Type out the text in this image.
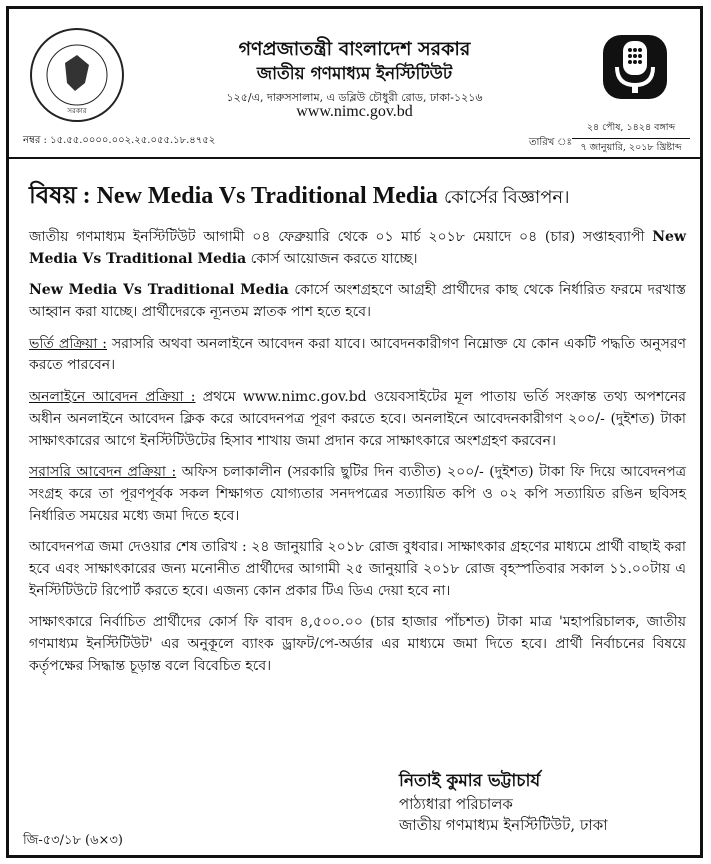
সরকার
গণপ্রজাতন্ত্রী বাংলাদেশ সরকার
জাতীয় গণমাধ্যম ইনস্টিটিউট
১২৫/এ, দারুসসালাম, এ ডব্লিউ চৌধুরী রোড, ঢাকা-১২১৬
www.nimc.gov.bd
নম্বর : ১৫.৫৫.০০০০.০০২.২৫.০৫৫.১৮.৪৭৫২	তারিখ ঃ
২৪ পৌষ, ১৪২৪ বঙ্গাব্দ
৭ জানুয়ারি, ২০১৮ খ্রিষ্টাব্দ
বিষয় : New Media Vs Traditional Media কোর্সের বিজ্ঞাপন।

জাতীয় গণমাধ্যম ইনস্টিটিউট আগামী ০৪ ফেব্রুয়ারি থেকে ০১ মার্চ ২০১৮ মেয়াদে ০৪ (চার) সপ্তাহব্যাপী New Media Vs Traditional Media কোর্স আয়োজন করতে যাচ্ছে।

New Media Vs Traditional Media কোর্সে অংশগ্রহণে আগ্রহী প্রার্থীদের কাছ থেকে নির্ধারিত ফরমে দরখাস্ত আহ্বান করা যাচ্ছে। প্রার্থীদেরকে ন্যূনতম স্নাতক পাশ হতে হবে।

ভর্তি প্রক্রিয়া : সরাসরি অথবা অনলাইনে আবেদন করা যাবে। আবেদনকারীগণ নিম্নোক্ত যে কোন একটি পদ্ধতি অনুসরণ করতে পারবেন।

অনলাইনে আবেদন প্রক্রিয়া : প্রথমে www.nimc.gov.bd ওয়েবসাইটের মূল পাতায় ভর্তি সংক্রান্ত তথ্য অপশনের অধীন অনলাইনে আবেদন ক্লিক করে আবেদনপত্র পূরণ করতে হবে। অনলাইনে আবেদনকারীগণ ২০০/- (দুইশত) টাকা সাক্ষাৎকারের আগে ইনস্টিটিউটের হিসাব শাখায় জমা প্রদান করে সাক্ষাৎকারে অংশগ্রহণ করবেন।

সরাসরি আবেদন প্রক্রিয়া : অফিস চলাকালীন (সরকারি ছুটির দিন ব্যতীত) ২০০/- (দুইশত) টাকা ফি দিয়ে আবেদনপত্র সংগ্রহ করে তা পূরণপূর্বক সকল শিক্ষাগত যোগ্যতার সনদপত্রের সত্যায়িত কপি ও ০২ কপি সত্যায়িত রঙিন ছবিসহ নির্ধারিত সময়ের মধ্যে জমা দিতে হবে।

আবেদনপত্র জমা দেওয়ার শেষ তারিখ : ২৪ জানুয়ারি ২০১৮ রোজ বুধবার। সাক্ষাৎকার গ্রহণের মাধ্যমে প্রার্থী বাছাই করা হবে এবং সাক্ষাৎকারের জন্য মনোনীত প্রার্থীদের আগামী ২৫ জানুয়ারি ২০১৮ রোজ বৃহস্পতিবার সকাল ১১.০০টায় এ ইনস্টিটিউটে রিপোর্ট করতে হবে। এজন্য কোন প্রকার টিএ ডিএ দেয়া হবে না।

সাক্ষাৎকারে নির্বাচিত প্রার্থীদের কোর্স ফি বাবদ ৪,৫০০.০০ (চার হাজার পাঁচশত) টাকা মাত্র 'মহাপরিচালক, জাতীয় গণমাধ্যম ইনস্টিটিউট' এর অনুকূলে ব্যাংক ড্রাফট/পে-অর্ডার এর মাধ্যমে জমা দিতে হবে। প্রার্থী নির্বাচনের বিষয়ে কর্তৃপক্ষের সিদ্ধান্ত চূড়ান্ত বলে বিবেচিত হবে।

নিতাই কুমার ভট্টাচার্য
পাঠ্যধারা পরিচালক
জাতীয় গণমাধ্যম ইনস্টিটিউট, ঢাকা
জি-৫৩/১৮ (৬×৩)
